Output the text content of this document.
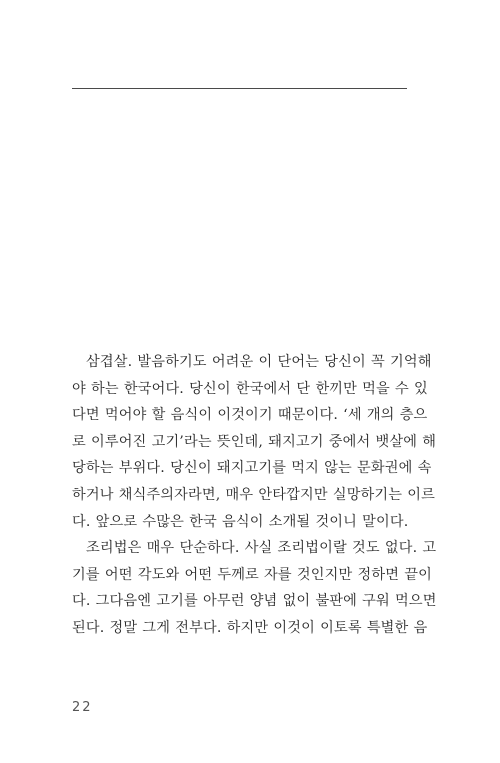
삼겹살. 발음하기도 어려운 이 단어는 당신이 꼭 기억해
야 하는 한국어다. 당신이 한국에서 단 한끼만 먹을 수 있
다면 먹어야 할 음식이 이것이기 때문이다. ‘세 개의 층으
로 이루어진 고기’라는 뜻인데, 돼지고기 중에서 뱃살에 해
당하는 부위다. 당신이 돼지고기를 먹지 않는 문화권에 속
하거나 채식주의자라면, 매우 안타깝지만 실망하기는 이르
다. 앞으로 수많은 한국 음식이 소개될 것이니 말이다.
조리법은 매우 단순하다. 사실 조리법이랄 것도 없다. 고
기를 어떤 각도와 어떤 두께로 자를 것인지만 정하면 끝이
다. 그다음엔 고기를 아무런 양념 없이 불판에 구워 먹으면
된다. 정말 그게 전부다. 하지만 이것이 이토록 특별한 음
22
